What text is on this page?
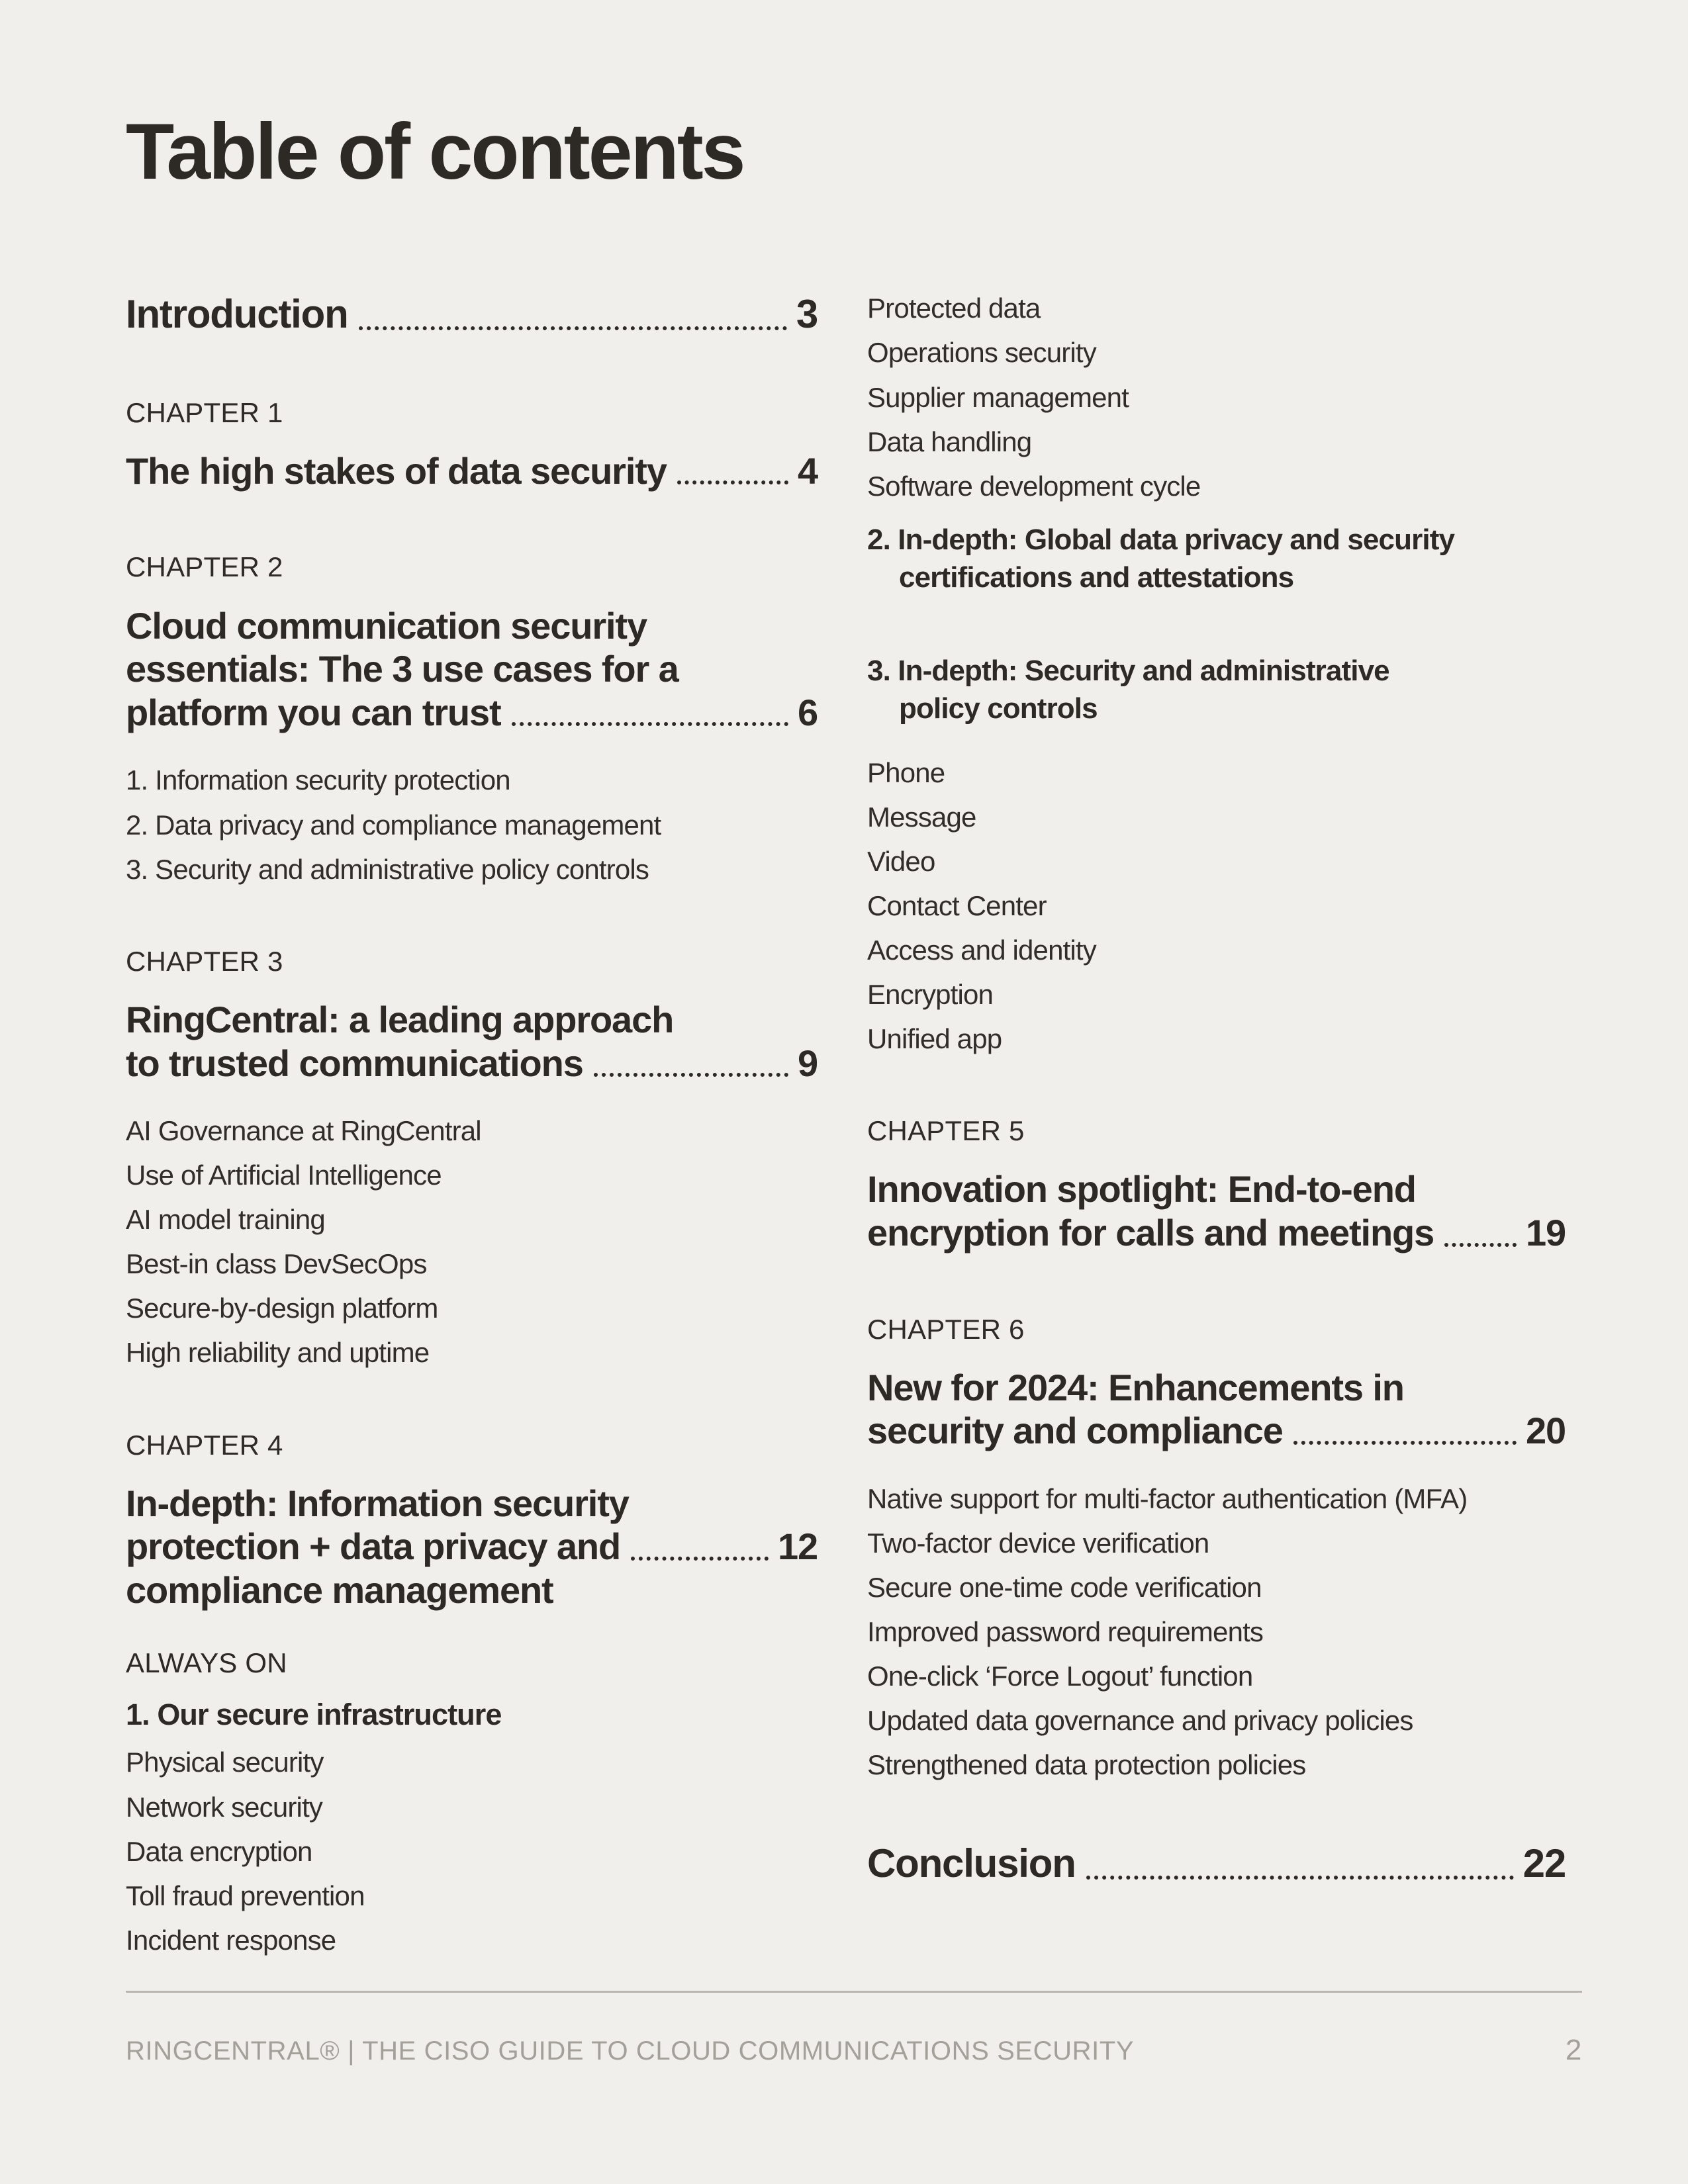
Table of contents
Introduction	3
CHAPTER 1
The high stakes of data security	4
CHAPTER 2
Cloud communication security
essentials: The 3 use cases for a
platform you can trust	6
1. Information security protection
2. Data privacy and compliance management
3. Security and administrative policy controls
CHAPTER 3
RingCentral: a leading approach
to trusted communications	9
AI Governance at RingCentral
Use of Artificial Intelligence
AI model training
Best-in class DevSecOps
Secure-by-design platform
High reliability and uptime
CHAPTER 4
In-depth: Information security
protection + data privacy and	12
compliance management
ALWAYS ON
1. Our secure infrastructure
Physical security
Network security
Data encryption
Toll fraud prevention
Incident response
Protected data
Operations security
Supplier management
Data handling
Software development cycle
2. In-depth: Global data privacy and security
certifications and attestations
3. In-depth: Security and administrative
policy controls
Phone
Message
Video
Contact Center
Access and identity
Encryption
Unified app
CHAPTER 5
Innovation spotlight: End-to-end
encryption for calls and meetings 19
CHAPTER 6
New for 2024: Enhancements in
security and compliance	20
Native support for multi-factor authentication (MFA)
Two-factor device verification
Secure one-time code verification
Improved password requirements
One-click ‘Force Logout’ function
Updated data governance and privacy policies
Strengthened data protection policies
Conclusion	22
RINGCENTRAL® | THE CISO GUIDE TO CLOUD COMMUNICATIONS SECURITY	2
